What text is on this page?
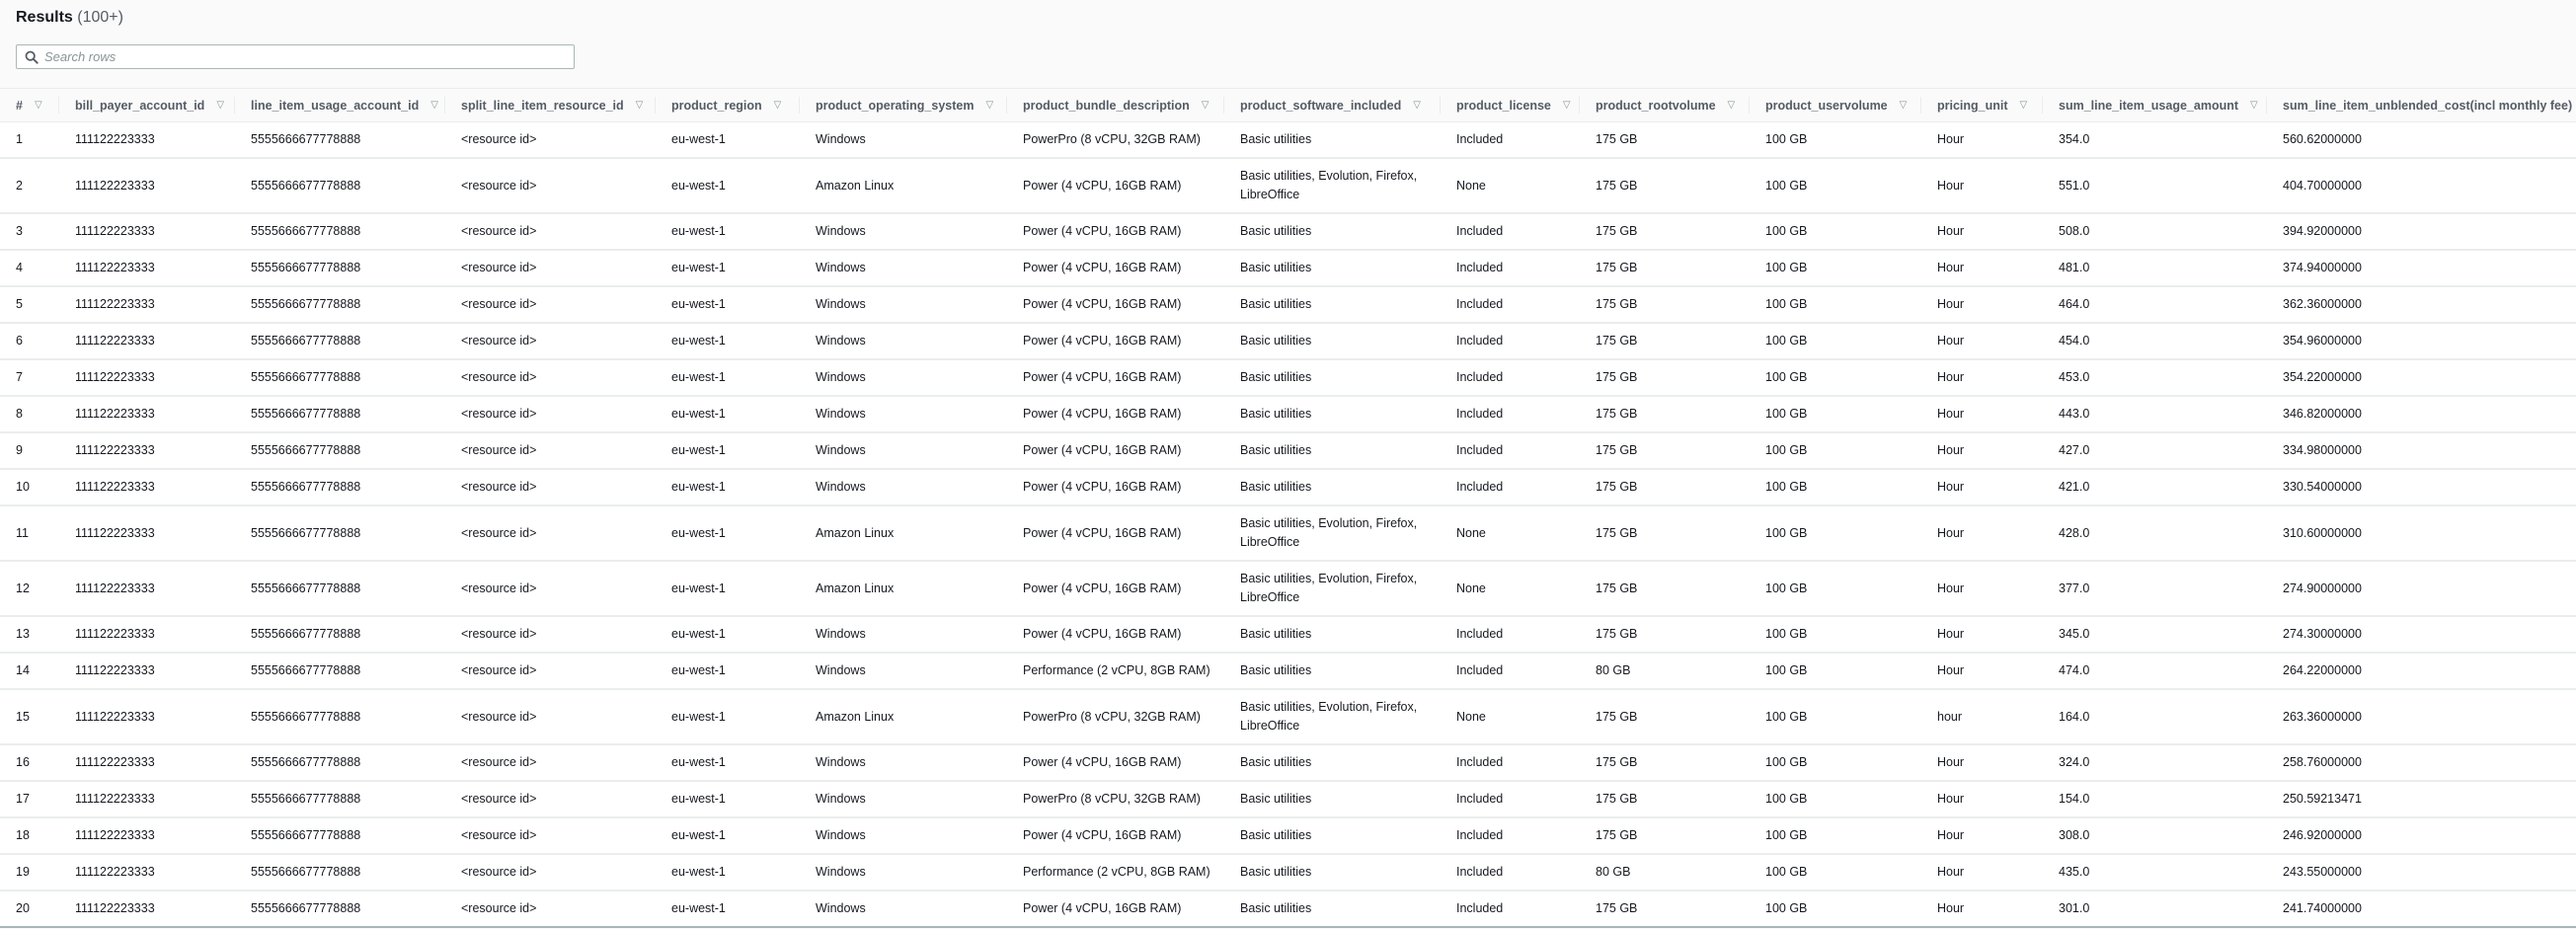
Results (100+)
Search rows
# ▽	bill_payer_account_id ▽	line_item_usage_account_id ▽	split_line_item_resource_id ▽	product_region ▽	product_operating_system ▽	product_bundle_description ▽	product_software_included ▽	product_license ▽	product_rootvolume ▽	product_uservolume ▽	pricing_unit ▽	sum_line_item_usage_amount ▽	sum_line_item_unblended_cost(incl monthly fee)

1	111122223333	5555666677778888	<resource id>	eu-west-1	Windows	PowerPro (8 vCPU, 32GB RAM)	Basic utilities	Included	175 GB	100 GB	Hour	354.0	560.62000000
2	111122223333	5555666677778888	<resource id>	eu-west-1	Amazon Linux	Power (4 vCPU, 16GB RAM)	Basic utilities, Evolution, Firefox, LibreOffice	None	175 GB	100 GB	Hour	551.0	404.70000000
3	111122223333	5555666677778888	<resource id>	eu-west-1	Windows	Power (4 vCPU, 16GB RAM)	Basic utilities	Included	175 GB	100 GB	Hour	508.0	394.92000000
4	111122223333	5555666677778888	<resource id>	eu-west-1	Windows	Power (4 vCPU, 16GB RAM)	Basic utilities	Included	175 GB	100 GB	Hour	481.0	374.94000000
5	111122223333	5555666677778888	<resource id>	eu-west-1	Windows	Power (4 vCPU, 16GB RAM)	Basic utilities	Included	175 GB	100 GB	Hour	464.0	362.36000000
6	111122223333	5555666677778888	<resource id>	eu-west-1	Windows	Power (4 vCPU, 16GB RAM)	Basic utilities	Included	175 GB	100 GB	Hour	454.0	354.96000000
7	111122223333	5555666677778888	<resource id>	eu-west-1	Windows	Power (4 vCPU, 16GB RAM)	Basic utilities	Included	175 GB	100 GB	Hour	453.0	354.22000000
8	111122223333	5555666677778888	<resource id>	eu-west-1	Windows	Power (4 vCPU, 16GB RAM)	Basic utilities	Included	175 GB	100 GB	Hour	443.0	346.82000000
9	111122223333	5555666677778888	<resource id>	eu-west-1	Windows	Power (4 vCPU, 16GB RAM)	Basic utilities	Included	175 GB	100 GB	Hour	427.0	334.98000000
10	111122223333	5555666677778888	<resource id>	eu-west-1	Windows	Power (4 vCPU, 16GB RAM)	Basic utilities	Included	175 GB	100 GB	Hour	421.0	330.54000000
11	111122223333	5555666677778888	<resource id>	eu-west-1	Amazon Linux	Power (4 vCPU, 16GB RAM)	Basic utilities, Evolution, Firefox, LibreOffice	None	175 GB	100 GB	Hour	428.0	310.60000000
12	111122223333	5555666677778888	<resource id>	eu-west-1	Amazon Linux	Power (4 vCPU, 16GB RAM)	Basic utilities, Evolution, Firefox, LibreOffice	None	175 GB	100 GB	Hour	377.0	274.90000000
13	111122223333	5555666677778888	<resource id>	eu-west-1	Windows	Power (4 vCPU, 16GB RAM)	Basic utilities	Included	175 GB	100 GB	Hour	345.0	274.30000000
14	111122223333	5555666677778888	<resource id>	eu-west-1	Windows	Performance (2 vCPU, 8GB RAM)	Basic utilities	Included	80 GB	100 GB	Hour	474.0	264.22000000
15	111122223333	5555666677778888	<resource id>	eu-west-1	Amazon Linux	PowerPro (8 vCPU, 32GB RAM)	Basic utilities, Evolution, Firefox, LibreOffice	None	175 GB	100 GB	hour	164.0	263.36000000
16	111122223333	5555666677778888	<resource id>	eu-west-1	Windows	Power (4 vCPU, 16GB RAM)	Basic utilities	Included	175 GB	100 GB	Hour	324.0	258.76000000
17	111122223333	5555666677778888	<resource id>	eu-west-1	Windows	PowerPro (8 vCPU, 32GB RAM)	Basic utilities	Included	175 GB	100 GB	Hour	154.0	250.59213471
18	111122223333	5555666677778888	<resource id>	eu-west-1	Windows	Power (4 vCPU, 16GB RAM)	Basic utilities	Included	175 GB	100 GB	Hour	308.0	246.92000000
19	111122223333	5555666677778888	<resource id>	eu-west-1	Windows	Performance (2 vCPU, 8GB RAM)	Basic utilities	Included	80 GB	100 GB	Hour	435.0	243.55000000
20	111122223333	5555666677778888	<resource id>	eu-west-1	Windows	Power (4 vCPU, 16GB RAM)	Basic utilities	Included	175 GB	100 GB	Hour	301.0	241.74000000
